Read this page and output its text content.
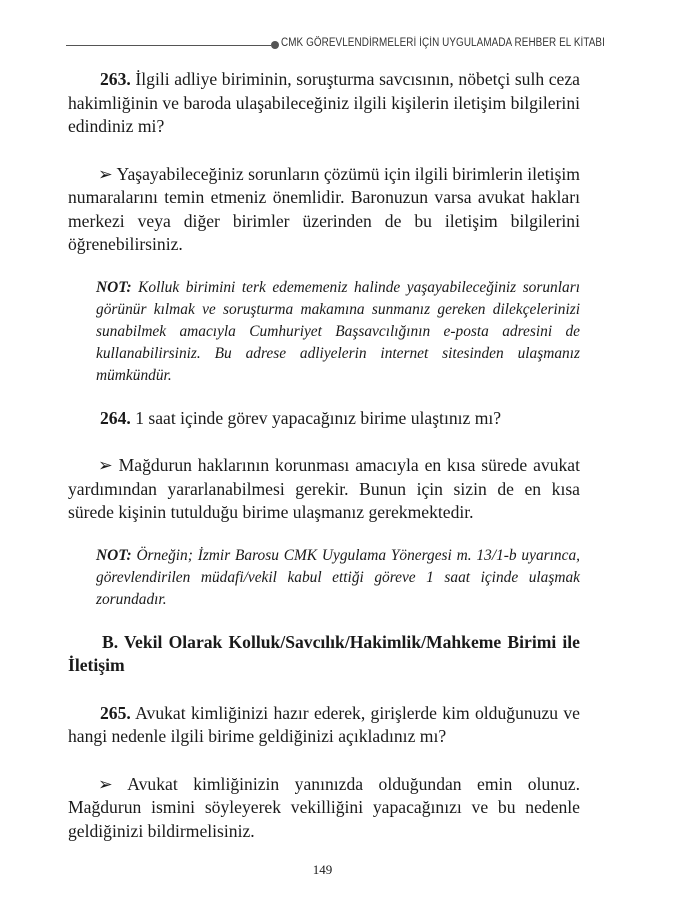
CMK GÖREVLENDİRMELERİ İÇİN UYGULAMADA REHBER EL KİTABI

263. İlgili adliye biriminin, soruşturma savcısının, nöbetçi sulh ceza hakimliğinin ve baroda ulaşabileceğiniz ilgili kişilerin iletişim bilgilerini edindiniz mi?

➢ Yaşayabileceğiniz sorunların çözümü için ilgili birimlerin iletişim numaralarını temin etmeniz önemlidir. Baronuzun varsa avukat hakları merkezi veya diğer birimler üzerinden de bu iletişim bilgilerini öğrenebilirsiniz.

NOT: Kolluk birimini terk edememeniz halinde yaşayabileceğiniz sorunları görünür kılmak ve soruşturma makamına sunmanız gereken dilekçelerinizi sunabilmek amacıyla Cumhuriyet Başsavcılığının e-posta adresini de kullanabilirsiniz. Bu adrese adliyelerin internet sitesinden ulaşmanız mümkündür.

264. 1 saat içinde görev yapacağınız birime ulaştınız mı?

➢ Mağdurun haklarının korunması amacıyla en kısa sürede avukat yardımından yararlanabilmesi gerekir. Bunun için sizin de en kısa sürede kişinin tutulduğu birime ulaşmanız gerekmektedir.

NOT: Örneğin; İzmir Barosu CMK Uygulama Yönergesi m. 13/1-b uyarınca, görevlendirilen müdafi/vekil kabul ettiği göreve 1 saat içinde ulaşmak zorundadır.

B. Vekil Olarak Kolluk/Savcılık/Hakimlik/Mahkeme Birimi ile İletişim

265. Avukat kimliğinizi hazır ederek, girişlerde kim olduğunuzu ve hangi nedenle ilgili birime geldiğinizi açıkladınız mı?

➢ Avukat kimliğinizin yanınızda olduğundan emin olunuz. Mağdurun ismini söyleyerek vekilliğini yapacağınızı ve bu nedenle geldiğinizi bildirmelisiniz.

149
